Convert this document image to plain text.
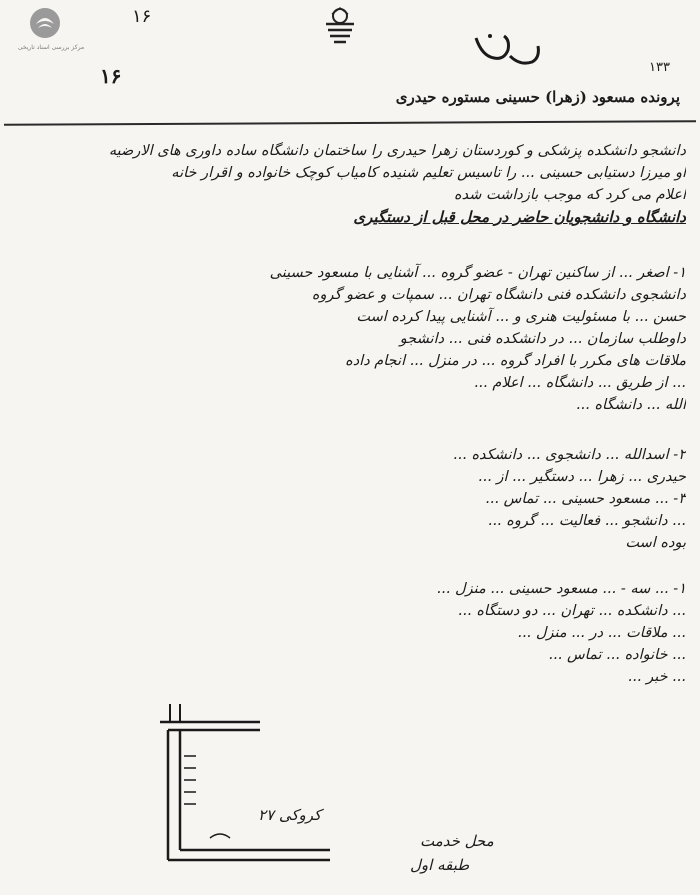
مرکز بررسی اسناد تاریخی
۱۶
۱۳۳
۱۶
پرونده مسعود (زهرا) حسینی مستوره حیدری
دانشجو دانشکده پزشکی و کوردستان زهرا حیدری را ساختمان دانشگاه ساده داوری های الارضیه
او میرزا دستیابی حسینی ... را تاسیس تعلیم شنیده کامیاب کوچک خانواده و اقرار خانه
اعلام می کرد که موجب بازداشت شده
دانشگاه و دانشجویان حاضر در محل قبل از دستگیری
۱- اصغر ... از ساکنین تهران - عضو گروه ... آشنایی با مسعود حسینی
دانشجوی دانشکده فنی دانشگاه تهران ... سمپات و عضو گروه
حسن ... با مسئولیت هنری و ... آشنایی پیدا کرده است
داوطلب سازمان ... در دانشکده فنی ... دانشجو
ملاقات های مکرر با افراد گروه ... در منزل ... انجام داده
... از طریق ... دانشگاه ... اعلام ...
الله ... دانشگاه ...
۲- اسدالله ... دانشجوی ... دانشکده ...
حیدری ... زهرا ... دستگیر ... از ...
۳- ... مسعود حسینی ... تماس ...
... دانشجو ... فعالیت ... گروه ...
بوده است
۱- ... سه - ... مسعود حسینی ... منزل ...
... دانشکده ... تهران ... دو دستگاه ...
... ملاقات ... در ... منزل ...
... خانواده ... تماس ...
... خبر ...
کروکی ۲۷
محل خدمت
طبقه اول
